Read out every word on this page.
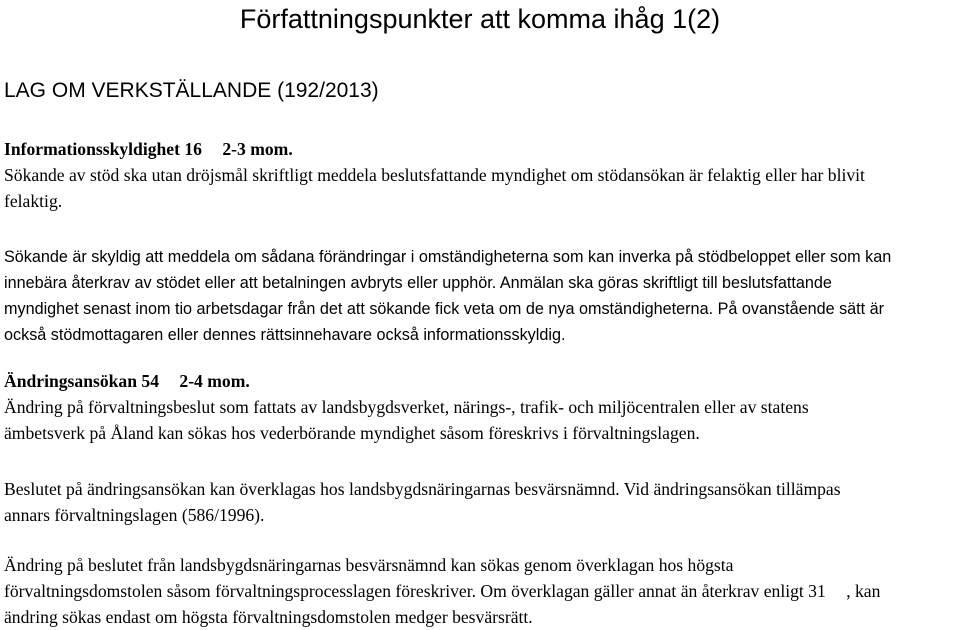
Författningspunkter att komma ihåg 1(2)
LAG OM VERKSTÄLLANDE (192/2013)
Informationsskyldighet 16 2-3 mom.
Sökande av stöd ska utan dröjsmål skriftligt meddela beslutsfattande myndighet om stödansökan är felaktig eller har blivit
felaktig.
Sökande är skyldig att meddela om sådana förändringar i omständigheterna som kan inverka på stödbeloppet eller som kan
innebära återkrav av stödet eller att betalningen avbryts eller upphör. Anmälan ska göras skriftligt till beslutsfattande
myndighet senast inom tio arbetsdagar från det att sökande fick veta om de nya omständigheterna. På ovanstående sätt är
också stödmottagaren eller dennes rättsinnehavare också informationsskyldig.
Ändringsansökan 54 2-4 mom.
Ändring på förvaltningsbeslut som fattats av landsbygdsverket, närings-, trafik- och miljöcentralen eller av statens
ämbetsverk på Åland kan sökas hos vederbörande myndighet såsom föreskrivs i förvaltningslagen.
Beslutet på ändringsansökan kan överklagas hos landsbygdsnäringarnas besvärsnämnd. Vid ändringsansökan tillämpas
annars förvaltningslagen (586/1996).
Ändring på beslutet från landsbygdsnäringarnas besvärsnämnd kan sökas genom överklagan hos högsta
förvaltningsdomstolen såsom förvaltningsprocesslagen föreskriver. Om överklagan gäller annat än återkrav enligt 31 , kan
ändring sökas endast om högsta förvaltningsdomstolen medger besvärsrätt.
